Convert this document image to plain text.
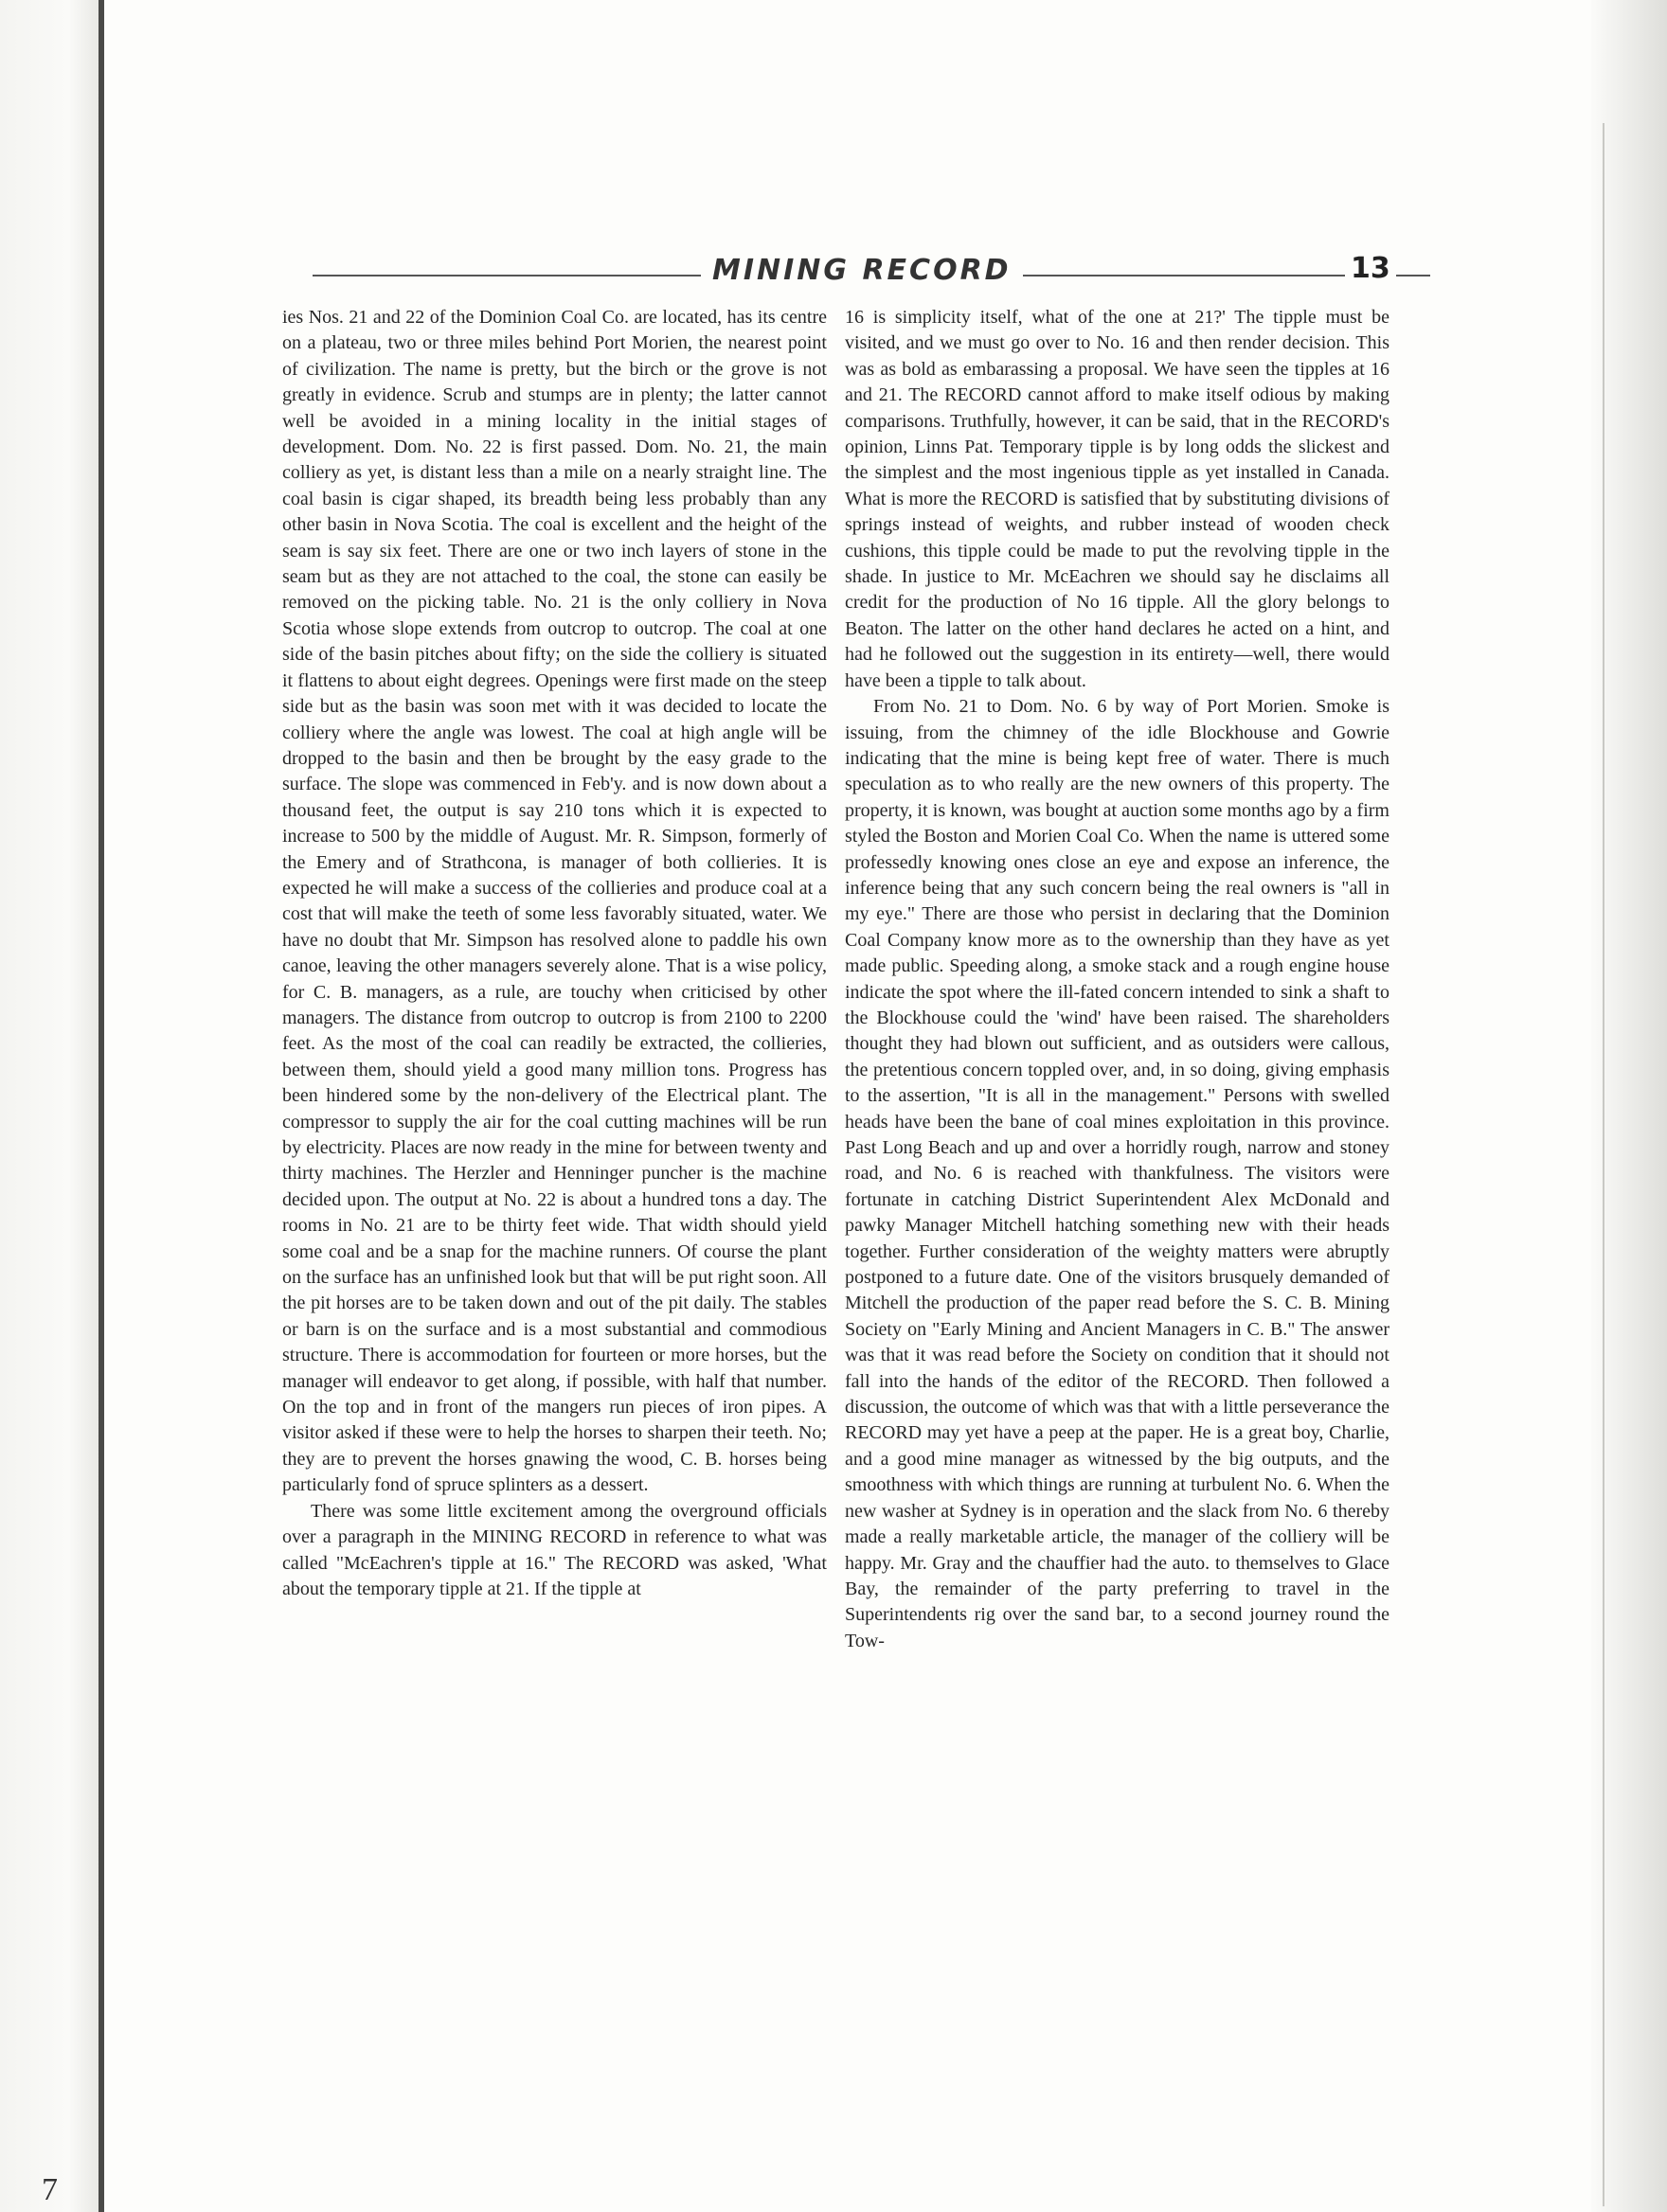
7
MINING RECORD	13

ies Nos. 21 and 22 of the Dominion Coal Co. are located, has its centre on a plateau, two or three miles behind Port Morien, the nearest point of civilization. The name is pretty, but the birch or the grove is not greatly in evidence. Scrub and stumps are in plenty; the latter cannot well be avoided in a mining locality in the initial stages of development. Dom. No. 22 is first passed. Dom. No. 21, the main colliery as yet, is distant less than a mile on a nearly straight line. The coal basin is cigar shaped, its breadth being less probably than any other basin in Nova Scotia. The coal is excellent and the height of the seam is say six feet. There are one or two inch layers of stone in the seam but as they are not attached to the coal, the stone can easily be removed on the picking table. No. 21 is the only colliery in Nova Scotia whose slope extends from outcrop to outcrop. The coal at one side of the basin pitches about fifty; on the side the colliery is situated it flattens to about eight degrees. Openings were first made on the steep side but as the basin was soon met with it was decided to locate the colliery where the angle was lowest. The coal at high angle will be dropped to the basin and then be brought by the easy grade to the surface. The slope was commenced in Feb'y. and is now down about a thousand feet, the output is say 210 tons which it is expected to increase to 500 by the middle of August. Mr. R. Simpson, formerly of the Emery and of Strathcona, is manager of both collieries. It is expected he will make a success of the collieries and produce coal at a cost that will make the teeth of some less favorably situated, water. We have no doubt that Mr. Simpson has resolved alone to paddle his own canoe, leaving the other managers severely alone. That is a wise policy, for C. B. managers, as a rule, are touchy when criticised by other managers. The distance from outcrop to outcrop is from 2100 to 2200 feet. As the most of the coal can readily be extracted, the collieries, between them, should yield a good many million tons. Progress has been hindered some by the non-delivery of the Electrical plant. The compressor to supply the air for the coal cutting machines will be run by electricity. Places are now ready in the mine for between twenty and thirty machines. The Herzler and Henninger puncher is the machine decided upon. The output at No. 22 is about a hundred tons a day. The rooms in No. 21 are to be thirty feet wide. That width should yield some coal and be a snap for the machine runners. Of course the plant on the surface has an unfinished look but that will be put right soon. All the pit horses are to be taken down and out of the pit daily. The stables or barn is on the surface and is a most substantial and commodious structure. There is accommodation for fourteen or more horses, but the manager will endeavor to get along, if possible, with half that number. On the top and in front of the mangers run pieces of iron pipes. A visitor asked if these were to help the horses to sharpen their teeth. No; they are to prevent the horses gnawing the wood, C. B. horses being particularly fond of spruce splinters as a dessert.

There was some little excitement among the overground officials over a paragraph in the MINING RECORD in reference to what was called "McEachren's tipple at 16." The RECORD was asked, 'What about the temporary tipple at 21. If the tipple at

16 is simplicity itself, what of the one at 21?' The tipple must be visited, and we must go over to No. 16 and then render decision. This was as bold as embarassing a proposal. We have seen the tipples at 16 and 21. The RECORD cannot afford to make itself odious by making comparisons. Truthfully, however, it can be said, that in the RECORD's opinion, Linns Pat. Temporary tipple is by long odds the slickest and the simplest and the most ingenious tipple as yet installed in Canada. What is more the RECORD is satisfied that by substituting divisions of springs instead of weights, and rubber instead of wooden check cushions, this tipple could be made to put the revolving tipple in the shade. In justice to Mr. McEachren we should say he disclaims all credit for the production of No 16 tipple. All the glory belongs to Beaton. The latter on the other hand declares he acted on a hint, and had he followed out the suggestion in its entirety—well, there would have been a tipple to talk about.

From No. 21 to Dom. No. 6 by way of Port Morien. Smoke is issuing, from the chimney of the idle Blockhouse and Gowrie indicating that the mine is being kept free of water. There is much speculation as to who really are the new owners of this property. The property, it is known, was bought at auction some months ago by a firm styled the Boston and Morien Coal Co. When the name is uttered some professedly knowing ones close an eye and expose an inference, the inference being that any such concern being the real owners is "all in my eye." There are those who persist in declaring that the Dominion Coal Company know more as to the ownership than they have as yet made public. Speeding along, a smoke stack and a rough engine house indicate the spot where the ill-fated concern intended to sink a shaft to the Blockhouse could the 'wind' have been raised. The shareholders thought they had blown out sufficient, and as outsiders were callous, the pretentious concern toppled over, and, in so doing, giving emphasis to the assertion, "It is all in the management." Persons with swelled heads have been the bane of coal mines exploitation in this province. Past Long Beach and up and over a horridly rough, narrow and stoney road, and No. 6 is reached with thankfulness. The visitors were fortunate in catching District Superintendent Alex McDonald and pawky Manager Mitchell hatching something new with their heads together. Further consideration of the weighty matters were abruptly postponed to a future date. One of the visitors brusquely demanded of Mitchell the production of the paper read before the S. C. B. Mining Society on "Early Mining and Ancient Managers in C. B." The answer was that it was read before the Society on condition that it should not fall into the hands of the editor of the RECORD. Then followed a discussion, the outcome of which was that with a little perseverance the RECORD may yet have a peep at the paper. He is a great boy, Charlie, and a good mine manager as witnessed by the big outputs, and the smoothness with which things are running at turbulent No. 6. When the new washer at Sydney is in operation and the slack from No. 6 thereby made a really marketable article, the manager of the colliery will be happy. Mr. Gray and the chauffier had the auto. to themselves to Glace Bay, the remainder of the party preferring to travel in the Superintendents rig over the sand bar, to a second journey round the Tow-
